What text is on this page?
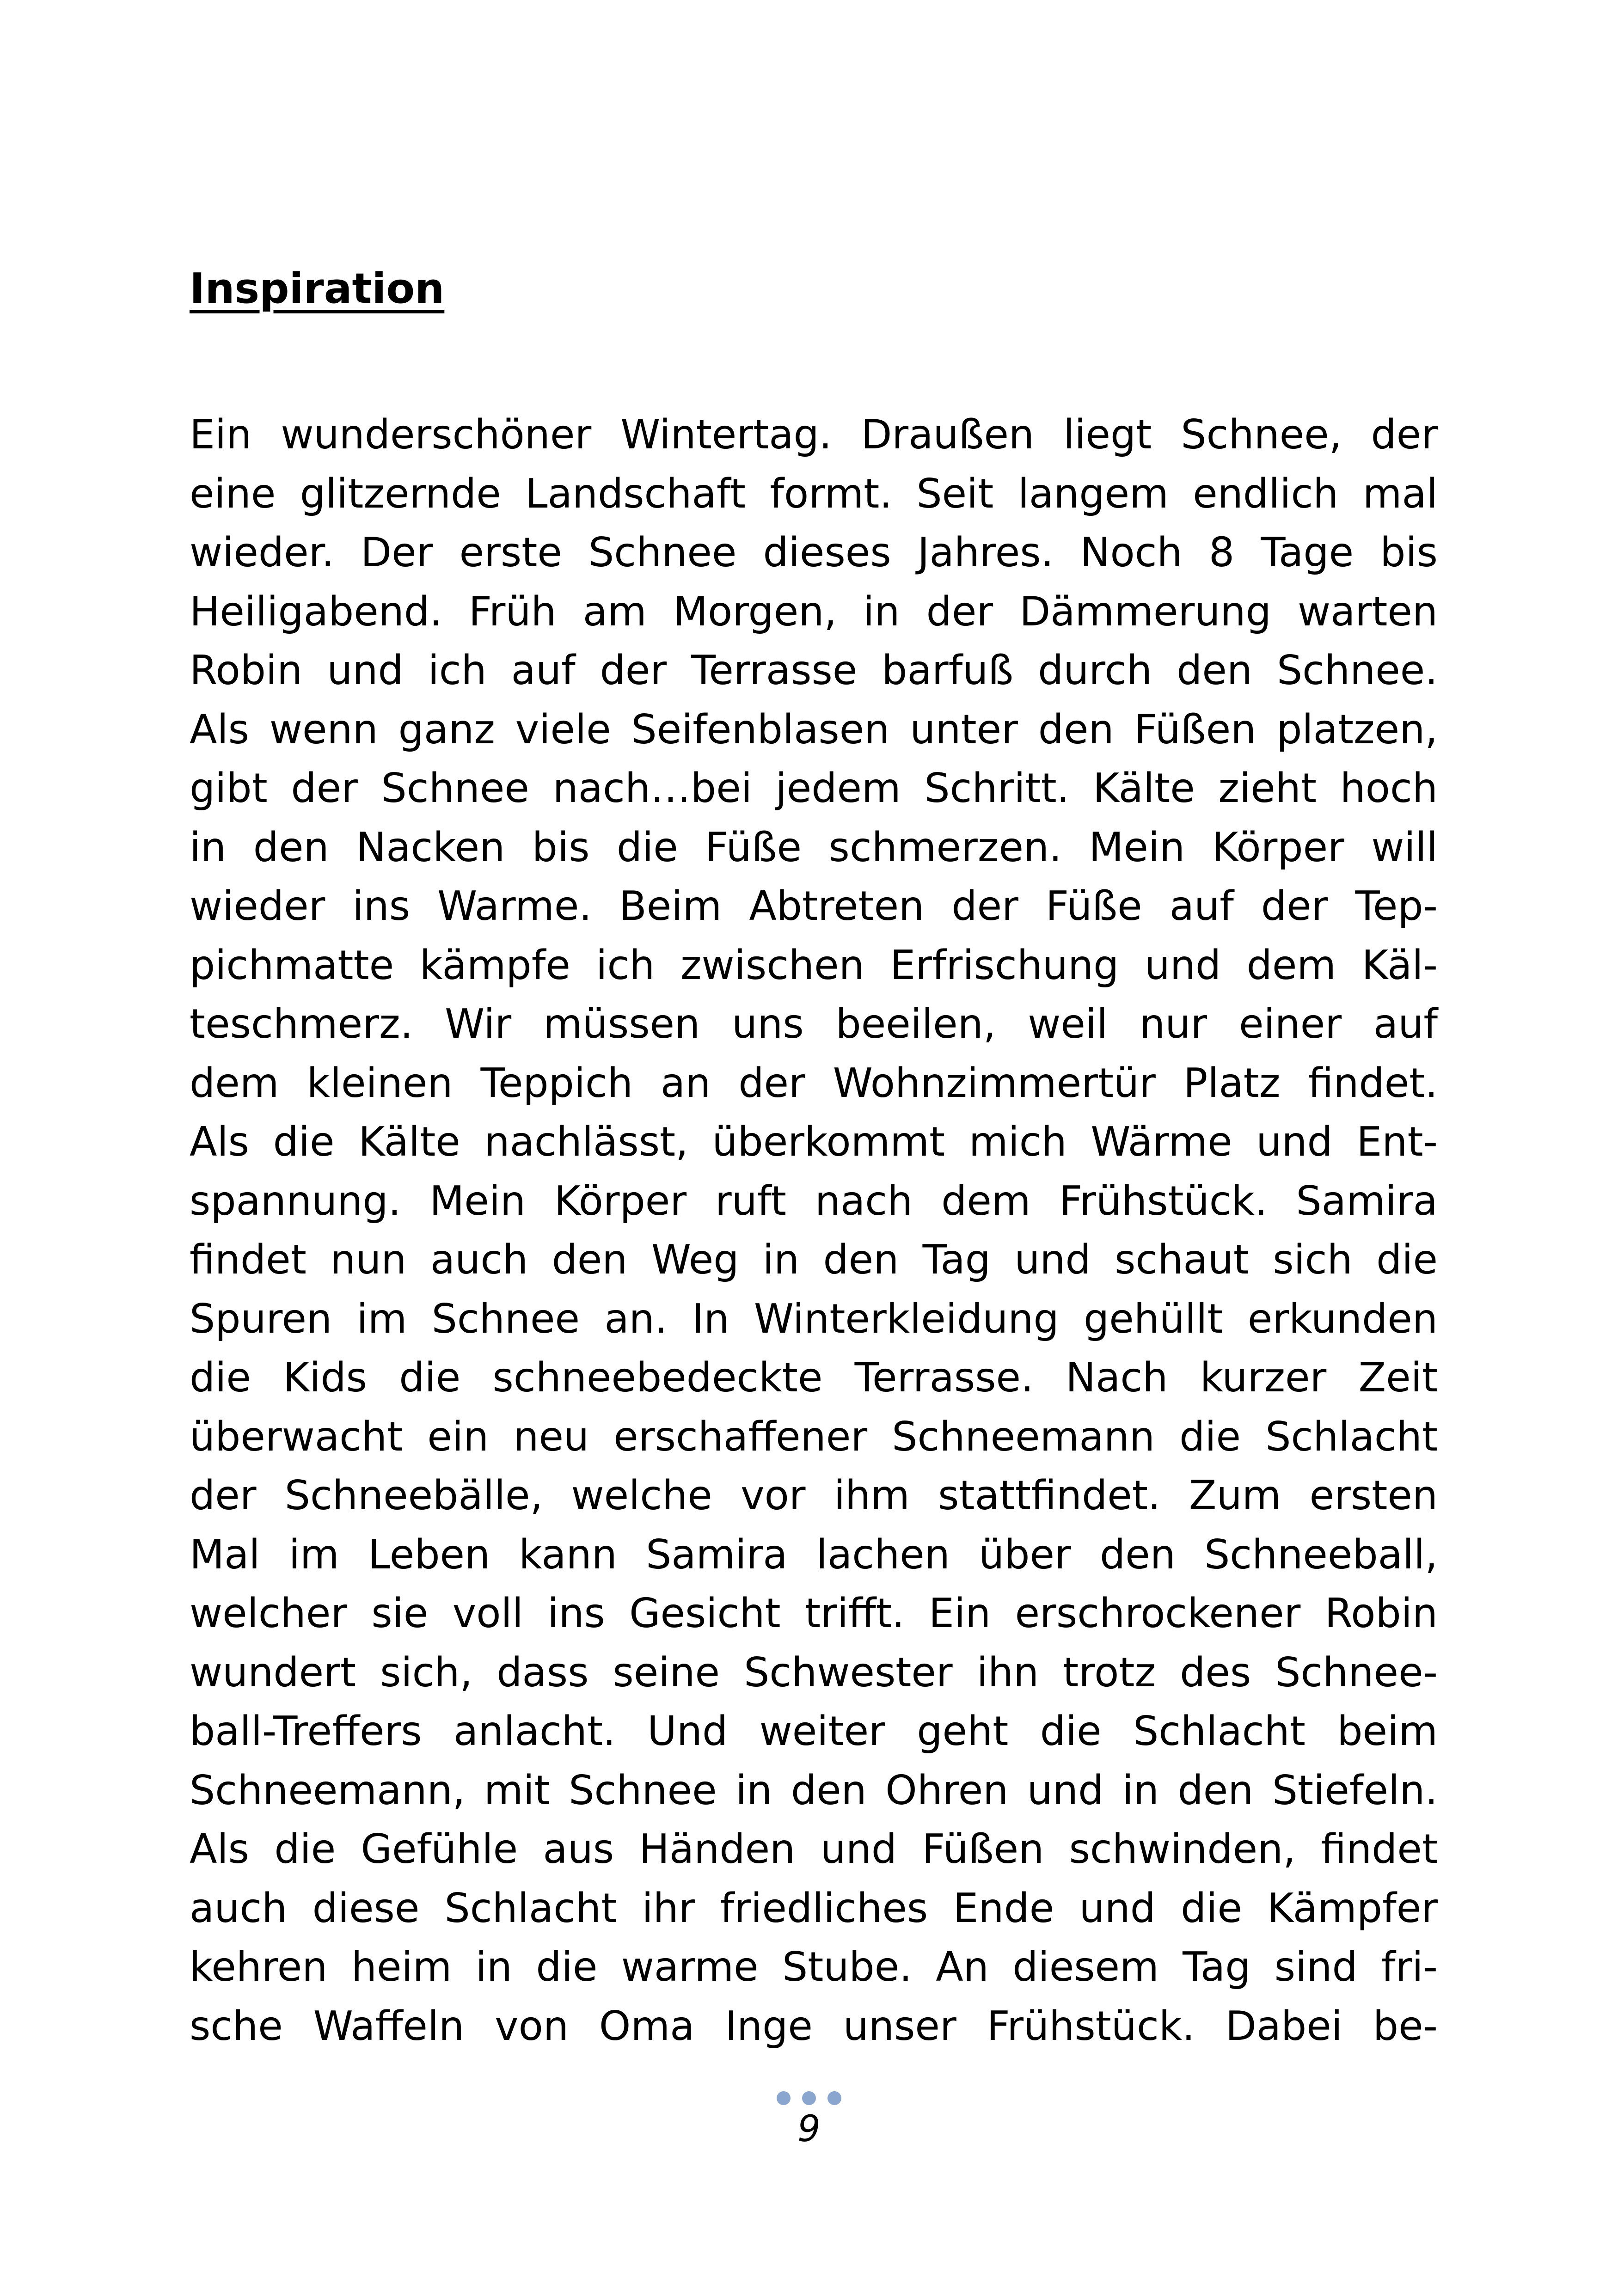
Inspiration
Ein wunderschöner Wintertag. Draußen liegt Schnee, der
eine glitzernde Landschaft formt. Seit langem endlich mal
wieder. Der erste Schnee dieses Jahres. Noch 8 Tage bis
Heiligabend. Früh am Morgen, in der Dämmerung warten
Robin und ich auf der Terrasse barfuß durch den Schnee.
Als wenn ganz viele Seifenblasen unter den Füßen platzen,
gibt der Schnee nach…bei jedem Schritt. Kälte zieht hoch
in den Nacken bis die Füße schmerzen. Mein Körper will
wieder ins Warme. Beim Abtreten der Füße auf der Tep-
pichmatte kämpfe ich zwischen Erfrischung und dem Käl-
teschmerz. Wir müssen uns beeilen, weil nur einer auf
dem kleinen Teppich an der Wohnzimmertür Platz findet.
Als die Kälte nachlässt, überkommt mich Wärme und Ent-
spannung. Mein Körper ruft nach dem Frühstück. Samira
findet nun auch den Weg in den Tag und schaut sich die
Spuren im Schnee an. In Winterkleidung gehüllt erkunden
die Kids die schneebedeckte Terrasse. Nach kurzer Zeit
überwacht ein neu erschaffener Schneemann die Schlacht
der Schneebälle, welche vor ihm stattfindet. Zum ersten
Mal im Leben kann Samira lachen über den Schneeball,
welcher sie voll ins Gesicht trifft. Ein erschrockener Robin
wundert sich, dass seine Schwester ihn trotz des Schnee-
ball-Treffers anlacht. Und weiter geht die Schlacht beim
Schneemann, mit Schnee in den Ohren und in den Stiefeln.
Als die Gefühle aus Händen und Füßen schwinden, findet
auch diese Schlacht ihr friedliches Ende und die Kämpfer
kehren heim in die warme Stube. An diesem Tag sind fri-
sche Waffeln von Oma Inge unser Frühstück. Dabei be-

9
